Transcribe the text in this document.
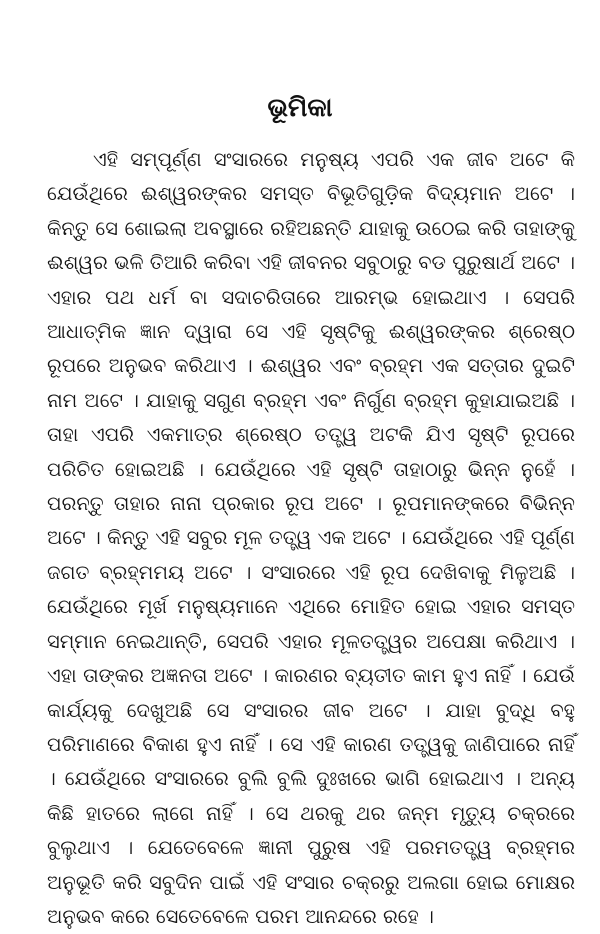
ଭୂମିକା

ଏହି ସମ୍ପୂର୍ଣ୍ଣ ସଂସାରରେ ମନୁଷ୍ୟ ଏପରି ଏକ ଜୀବ ଅଟେ କି ଯେଉଁଥିରେ ଈଶ୍ୱରଙ୍କର ସମସ୍ତ ବିଭୂତିଗୁଡ଼ିକ ବିଦ୍ୟମାନ ଅଟେ । କିନ୍ତୁ ସେ ଶୋଇଲା ଅବସ୍ଥାରେ ରହିଅଛନ୍ତି ଯାହାକୁ ଉଠେଇ କରି ତାହାଙ୍କୁ ଈଶ୍ୱର ଭଳି ତିଆରି କରିବା ଏହି ଜୀବନର ସବୁଠାରୁ ବଡ ପୁରୁଷାର୍ଥ ଅଟେ । ଏହାର ପଥ ଧର୍ମ ବା ସଦାଚରିତାରେ ଆରମ୍ଭ ହୋଇଥାଏ । ସେପରି ଆଧାତ୍ମିକ ଜ୍ଞାନ ଦ୍ୱାରା ସେ ଏହି ସୃଷ୍ଟିକୁ ଈଶ୍ୱରଙ୍କର ଶ୍ରେଷ୍ଠ ରୂପରେ ଅନୁଭବ କରିଥାଏ । ଈଶ୍ୱର ଏବଂ ବ୍ରହ୍ମ ଏକ ସତ୍ତାର ଦୁଇଟି ନାମ ଅଟେ । ଯାହାକୁ ସଗୁଣ ବ୍ରହ୍ମ ଏବଂ ନିର୍ଗୁଣ ବ୍ରହ୍ମ କୁହାଯାଇଅଛି । ତାହା ଏପରି ଏକମାତ୍ର ଶ୍ରେଷ୍ଠ ତତ୍ତ୍ୱ ଅଟକି ଯିଏ ସୃଷ୍ଟି ରୂପରେ ପରିଚିତ ହୋଇଅଛି । ଯେଉଁଥିରେ ଏହି ସୃଷ୍ଟି ତାହାଠାରୁ ଭିନ୍ନ ନୁହେଁ । ପରନ୍ତୁ ତାହାର ନାନା ପ୍ରକାର ରୂପ ଅଟେ । ରୂପମାନଙ୍କରେ ବିଭିନ୍ନ ଅଟେ । କିନ୍ତୁ ଏହି ସବୁର ମୂଳ ତତ୍ତ୍ୱ ଏକ ଅଟେ । ଯେଉଁଥିରେ ଏହି ପୂର୍ଣ୍ଣ ଜଗତ ବ୍ରହ୍ମମୟ ଅଟେ । ସଂସାରରେ ଏହି ରୂପ ଦେଖିବାକୁ ମିଳୁଅଛି । ଯେଉଁଥିରେ ମୂର୍ଖ ମନୁଷ୍ୟମାନେ ଏଥିରେ ମୋହିତ ହୋଇ ଏହାର ସମସ୍ତ ସମ୍ମାନ ନେଇଥାନ୍ତି, ସେପରି ଏହାର ମୂଳତତ୍ତ୍ୱର ଅପେକ୍ଷା କରିଥାଏ । ଏହା ତାଙ୍କର ଅଜ୍ଞନତା ଅଟେ । କାରଣର ବ୍ୟତୀତ କାମ ହୁଏ ନାହିଁ । ଯେଉଁ କାର୍ଯ୍ୟକୁ ଦେଖୁଅଛି ସେ ସଂସାରର ଜୀବ ଅଟେ । ଯାହା ବୁଦ୍ଧି ବହୁ ପରିମାଣରେ ବିକାଶ ହୁଏ ନାହିଁ । ସେ ଏହି କାରଣ ତତ୍ତ୍ୱକୁ ଜାଣିପାରେ ନାହିଁ । ଯେଉଁଥିରେ ସଂସାରରେ ବୁଲି ବୁଲି ଦୁଃଖରେ ଭାଗି ହୋଇଥାଏ । ଅନ୍ୟ କିଛି ହାତରେ ଲାଗେ ନାହିଁ । ସେ ଥରକୁ ଥର ଜନ୍ମ ମୃତ୍ୟୁ ଚକ୍ରରେ ବୁଲୁଥାଏ । ଯେତେବେଳେ ଜ୍ଞାନୀ ପୁରୁଷ ଏହି ପରମତତ୍ତ୍ୱ ବ୍ରହ୍ମର ଅନୁଭୂତି କରି ସବୁଦିନ ପାଇଁ ଏହି ସଂସାର ଚକ୍ରରୁ ଅଲଗା ହୋଇ ମୋକ୍ଷର ଅନୁଭବ କରେ ସେତେବେଳେ ପରମ ଆନନ୍ଦରେ ରହେ ।
